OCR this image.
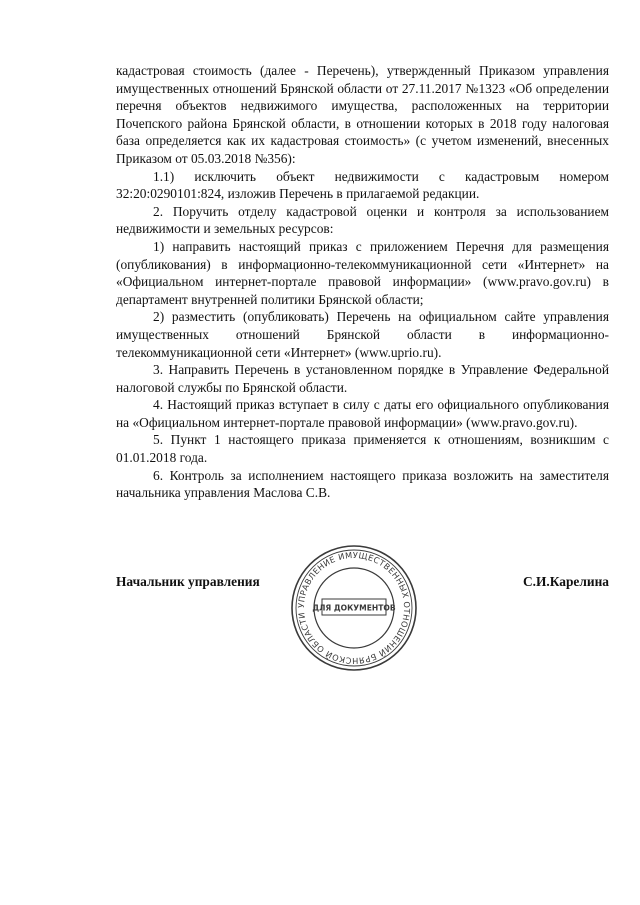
кадастровая стоимость (далее - Перечень), утвержденный Приказом управления имущественных отношений Брянской области от 27.11.2017 №1323 «Об определении перечня объектов недвижимого имущества, расположенных на территории Почепского района Брянской области, в отношении которых в 2018 году налоговая база определяется как их кадастровая стоимость» (с учетом изменений, внесенных Приказом от 05.03.2018 №356):

1.1) исключить объект недвижимости с кадастровым номером 32:20:0290101:824, изложив Перечень в прилагаемой редакции.

2. Поручить отделу кадастровой оценки и контроля за использованием недвижимости и земельных ресурсов:

1) направить настоящий приказ с приложением Перечня для размещения (опубликования) в информационно-телекоммуникационной сети «Интернет» на «Официальном интернет-портале правовой информации» (www.pravo.gov.ru) в департамент внутренней политики Брянской области;

2) разместить (опубликовать) Перечень на официальном сайте управления имущественных отношений Брянской области в информационно-телекоммуникационной сети «Интернет» (www.uprio.ru).

3. Направить Перечень в установленном порядке в Управление Федеральной налоговой службы по Брянской области.

4. Настоящий приказ вступает в силу с даты его официального опубликования на «Официальном интернет-портале правовой информации» (www.pravo.gov.ru).

5. Пункт 1 настоящего приказа применяется к отношениям, возникшим с 01.01.2018 года.

6. Контроль за исполнением настоящего приказа возложить на заместителя начальника управления Маслова С.В.

Начальник управления	С.И.Карелина
УПРАВЛЕНИЕ ИМУЩЕСТВЕННЫХ ОТНОШЕНИЙ БРЯНСКОЙ ОБЛАСТИ
ДЛЯ ДОКУМЕНТОВ
